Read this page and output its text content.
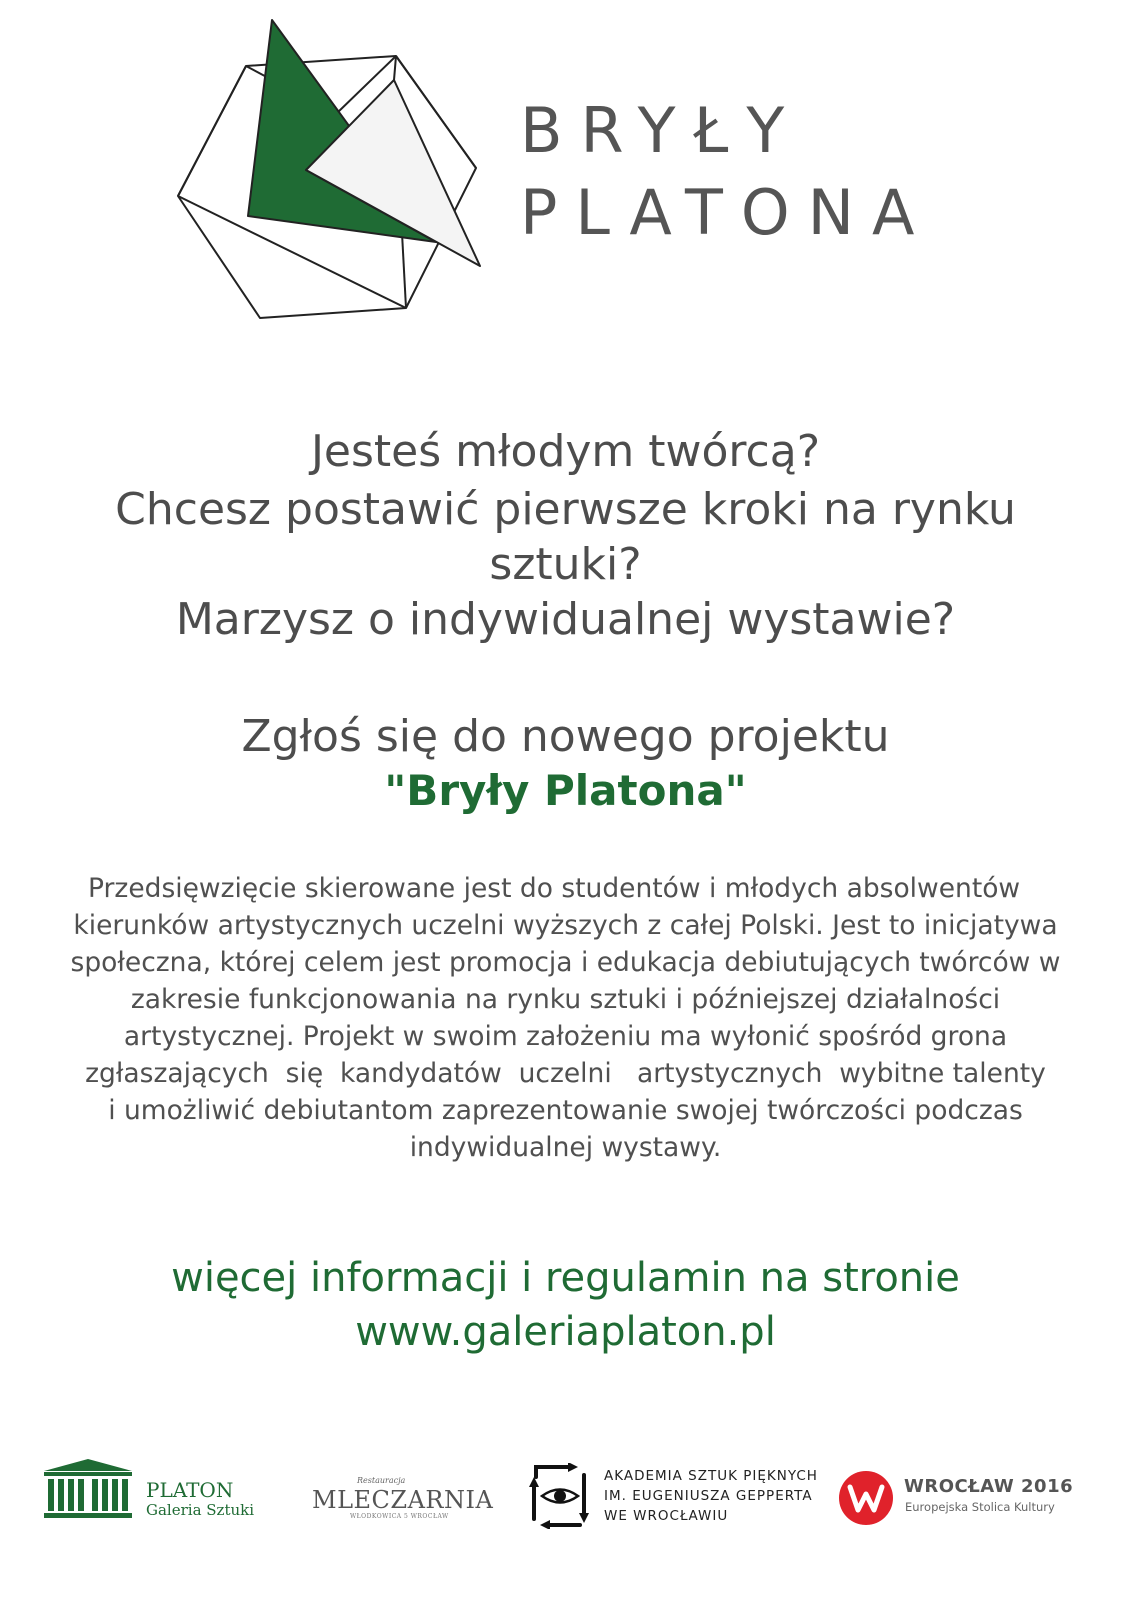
BRYŁY
PLATONA
Jesteś młodym twórcą?
Chcesz postawić pierwsze kroki na rynku
sztuki?
Marzysz o indywidualnej wystawie?
Zgłoś się do nowego projektu
"Bryły Platona"
Przedsięwzięcie skierowane jest do studentów i młodych absolwentów
kierunków artystycznych uczelni wyższych z całej Polski. Jest to inicjatywa
społeczna, której celem jest promocja i edukacja debiutujących twórców w
zakresie funkcjonowania na rynku sztuki i późniejszej działalności
artystycznej. Projekt w swoim założeniu ma wyłonić spośród grona
zgłaszających  się  kandydatów  uczelni   artystycznych  wybitne talenty
i umożliwić debiutantom zaprezentowanie swojej twórczości podczas
indywidualnej wystawy.
więcej informacji i regulamin na stronie
www.galeriaplaton.pl
PLATON
Galeria Sztuki
Restauracja
MLECZARNIA
WŁODKOWICA 5 WROCŁAW
AKADEMIA SZTUK PIĘKNYCH
IM. EUGENIUSZA GEPPERTA
WE WROCŁAWIU
WROCŁAW 2016
Europejska Stolica Kultury
